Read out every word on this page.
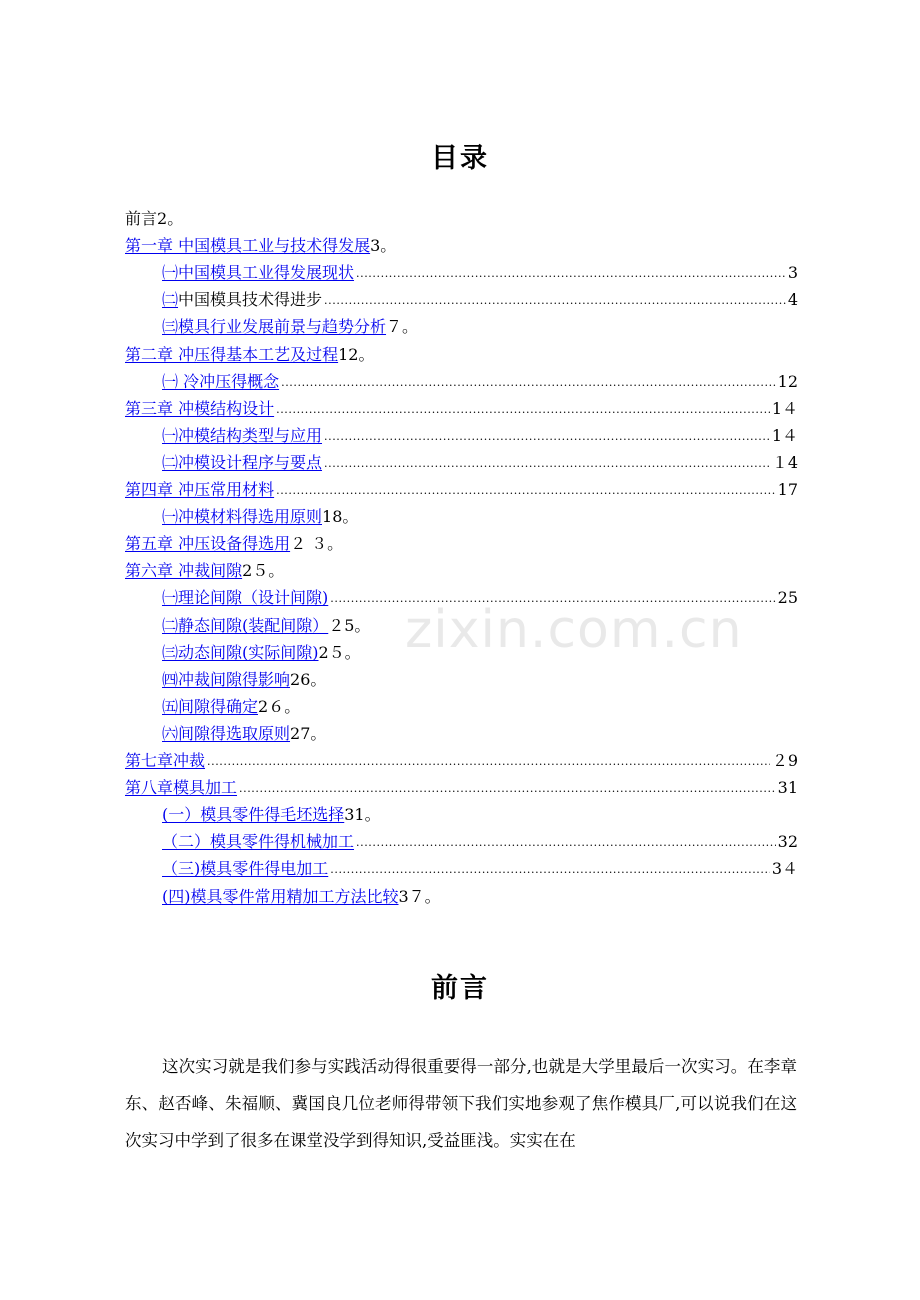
目录
前言 2。
第一章 中国模具工业与技术得发展 3。
㈠中国模具工业得发展现状 .....	3
㈡ 中国模具技术得进步 .....	4
㈢ 模具行业发展前景与趋势分析 ７。
第二章 冲压得基本工艺及过程 12。
㈠ 冷冲压得概念 .....	12
第三章 冲模结构设计 .....	1４
㈠冲模结构类型与应用 .....	1４
㈡冲模设计程序与要点 .....	１4
第四章 冲压常用材料 .....	17
㈠冲模材料得选用原则 18。
第五章 冲压设备得选用 ２ ３。
第六章 冲裁间隙 2５。
㈠理论间隙（设计间隙) .....	25
㈡静态间隙(装配间隙） ２5。
㈢动态间隙(实际间隙) 2５。
㈣冲裁间隙得影响 26。
㈤间隙得确定 2６。
㈥间隙得选取原则 27。
第七章冲裁 .....	２9
第八章模具加工 .....	31
(一）模具零件得毛坯选择 31。
（二）模具零件得机械加工 .....	32
（三)模具零件得电加工 .....	3４
(四)模具零件常用精加工方法比较 3７。
zixin.com.cn
前言
这次实习就是我们参与实践活动得很重要得一部分,也就是大学里最后一次实习。在李章东、赵否峰、朱福顺、冀国良几位老师得带领下我们实地参观了焦作模具厂,可以说我们在这次实习中学到了很多在课堂没学到得知识,受益匪浅。实实在在
